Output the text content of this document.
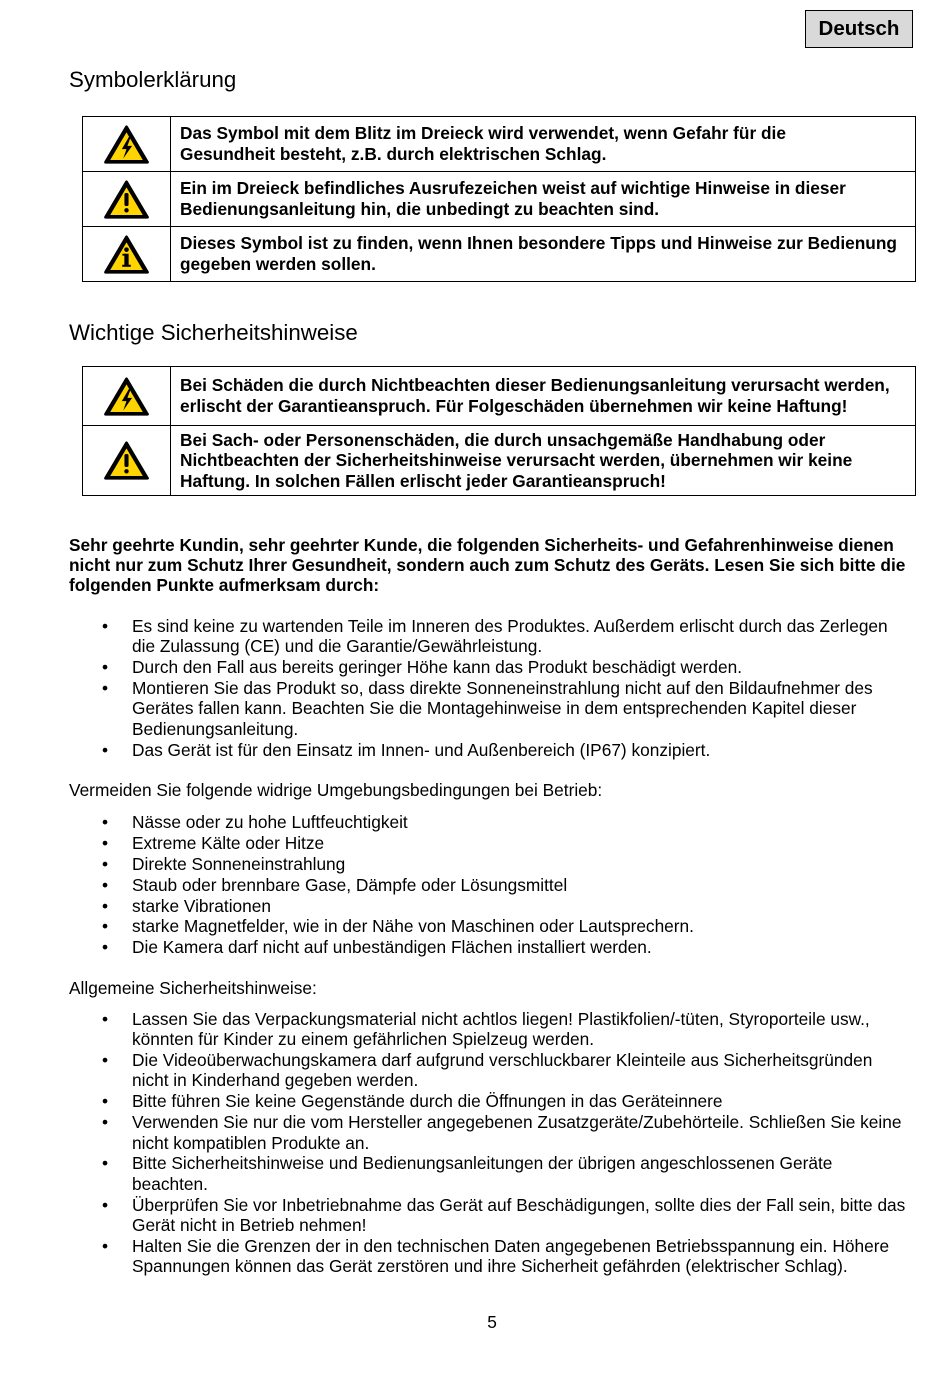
Deutsch
Symbolerklärung
Das Symbol mit dem Blitz im Dreieck wird verwendet, wenn Gefahr für die
Gesundheit besteht, z.B. durch elektrischen Schlag.
Ein im Dreieck befindliches Ausrufezeichen weist auf wichtige Hinweise in dieser
Bedienungsanleitung hin, die unbedingt zu beachten sind.
Dieses Symbol ist zu finden, wenn Ihnen besondere Tipps und Hinweise zur Bedienung
gegeben werden sollen.
Wichtige Sicherheitshinweise
Bei Schäden die durch Nichtbeachten dieser Bedienungsanleitung verursacht werden,
erlischt der Garantieanspruch. Für Folgeschäden übernehmen wir keine Haftung!
Bei Sach- oder Personenschäden, die durch unsachgemäße Handhabung oder
Nichtbeachten der Sicherheitshinweise verursacht werden, übernehmen wir keine
Haftung. In solchen Fällen erlischt jeder Garantieanspruch!

Sehr geehrte Kundin, sehr geehrter Kunde, die folgenden Sicherheits- und Gefahrenhinweise dienen
nicht nur zum Schutz Ihrer Gesundheit, sondern auch zum Schutz des Geräts. Lesen Sie sich bitte die
folgenden Punkte aufmerksam durch:

•
Es sind keine zu wartenden Teile im Inneren des Produktes. Außerdem erlischt durch das Zerlegen
die Zulassung (CE) und die Garantie/Gewährleistung.
•
Durch den Fall aus bereits geringer Höhe kann das Produkt beschädigt werden.
•
Montieren Sie das Produkt so, dass direkte Sonneneinstrahlung nicht auf den Bildaufnehmer des
Gerätes fallen kann. Beachten Sie die Montagehinweise in dem entsprechenden Kapitel dieser
Bedienungsanleitung.
•
Das Gerät ist für den Einsatz im Innen- und Außenbereich (IP67) konzipiert.

Vermeiden Sie folgende widrige Umgebungsbedingungen bei Betrieb:

•
Nässe oder zu hohe Luftfeuchtigkeit
•
Extreme Kälte oder Hitze
•
Direkte Sonneneinstrahlung
•
Staub oder brennbare Gase, Dämpfe oder Lösungsmittel
•
starke Vibrationen
•
starke Magnetfelder, wie in der Nähe von Maschinen oder Lautsprechern.
•
Die Kamera darf nicht auf unbeständigen Flächen installiert werden.

Allgemeine Sicherheitshinweise:

•
Lassen Sie das Verpackungsmaterial nicht achtlos liegen! Plastikfolien/-tüten, Styroporteile usw.,
könnten für Kinder zu einem gefährlichen Spielzeug werden.
•
Die Videoüberwachungskamera darf aufgrund verschluckbarer Kleinteile aus Sicherheitsgründen
nicht in Kinderhand gegeben werden.
•
Bitte führen Sie keine Gegenstände durch die Öffnungen in das Geräteinnere
•
Verwenden Sie nur die vom Hersteller angegebenen Zusatzgeräte/Zubehörteile. Schließen Sie keine
nicht kompatiblen Produkte an.
•
Bitte Sicherheitshinweise und Bedienungsanleitungen der übrigen angeschlossenen Geräte
beachten.
•
Überprüfen Sie vor Inbetriebnahme das Gerät auf Beschädigungen, sollte dies der Fall sein, bitte das
Gerät nicht in Betrieb nehmen!
•
Halten Sie die Grenzen der in den technischen Daten angegebenen Betriebsspannung ein. Höhere
Spannungen können das Gerät zerstören und ihre Sicherheit gefährden (elektrischer Schlag).
5
